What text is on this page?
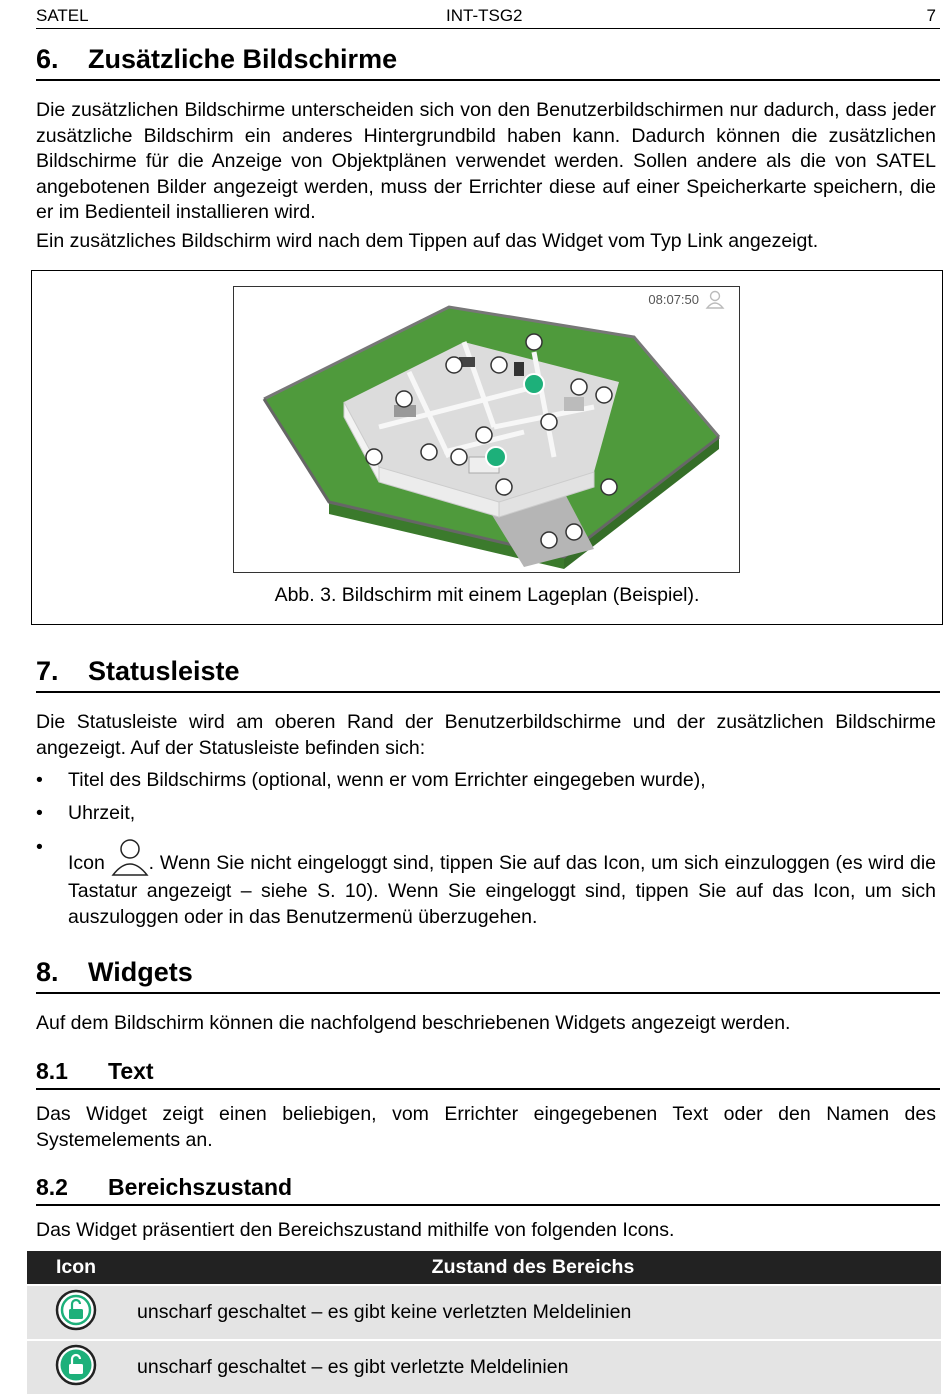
SATEL	INT-TSG2	7
6. Zusätzliche Bildschirme

Die zusätzlichen Bildschirme unterscheiden sich von den Benutzerbildschirmen nur dadurch, dass jeder zusätzliche Bildschirm ein anderes Hintergrundbild haben kann. Dadurch können die zusätzlichen Bildschirme für die Anzeige von Objektplänen verwendet werden. Sollen andere als die von SATEL angebotenen Bilder angezeigt werden, muss der Errichter diese auf einer Speicherkarte speichern, die er im Bedienteil installieren wird.

Ein zusätzliches Bildschirm wird nach dem Tippen auf das Widget vom Typ Link angezeigt.

08:07:50
Abb. 3. Bildschirm mit einem Lageplan (Beispiel).
7. Statusleiste

Die Statusleiste wird am oberen Rand der Benutzerbildschirme und der zusätzlichen Bildschirme angezeigt. Auf der Statusleiste befinden sich:

• Titel des Bildschirms (optional, wenn er vom Errichter eingegeben wurde),
• Uhrzeit,
• Icon . Wenn Sie nicht eingeloggt sind, tippen Sie auf das Icon, um sich einzuloggen (es wird die Tastatur angezeigt – siehe S. 10). Wenn Sie eingeloggt sind, tippen Sie auf das Icon, um sich auszuloggen oder in das Benutzermenü überzugehen.
8. Widgets

Auf dem Bildschirm können die nachfolgend beschriebenen Widgets angezeigt werden.

8.1 Text

Das Widget zeigt einen beliebigen, vom Errichter eingegebenen Text oder den Namen des Systemelements an.

8.2 Bereichszustand

Das Widget präsentiert den Bereichszustand mithilfe von folgenden Icons.

Icon	Zustand des Bereichs
	unscharf geschaltet – es gibt keine verletzten Meldelinien
	unscharf geschaltet – es gibt verletzte Meldelinien
